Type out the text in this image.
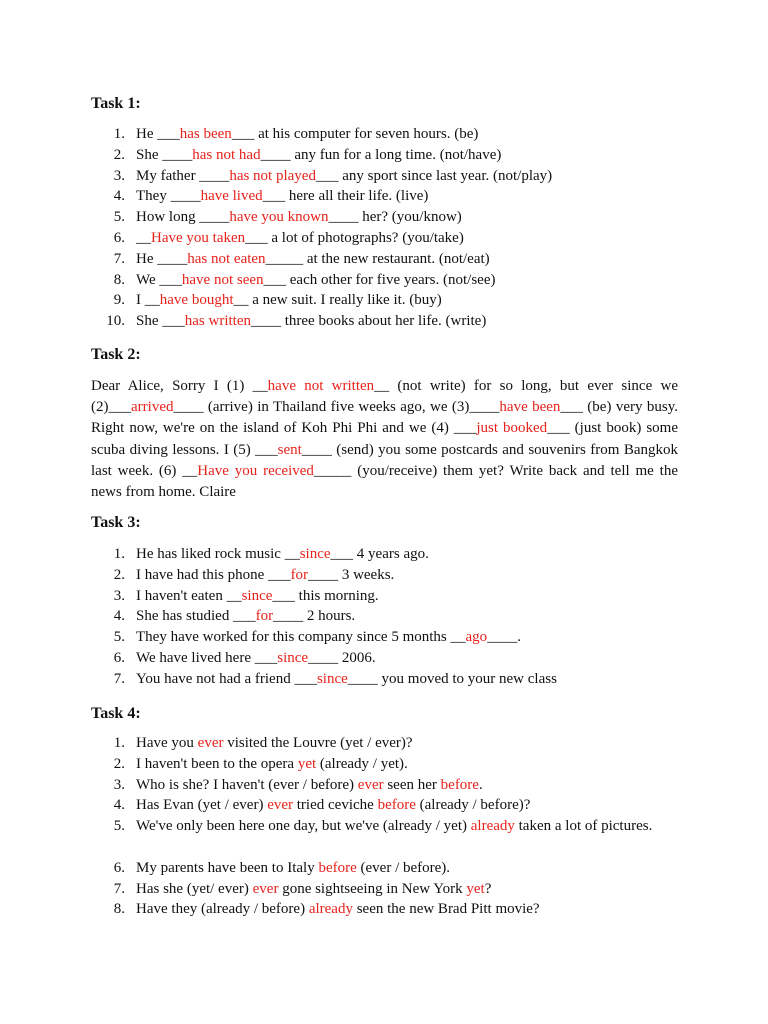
Task 1:
1. He ___has been___ at his computer for seven hours. (be)
2. She ____has not had____ any fun for a long time. (not/have)
3. My father ____has not played___ any sport since last year. (not/play)
4. They ____have lived___ here all their life. (live)
5. How long ____have you known____ her? (you/know)
6. __Have you taken___ a lot of photographs? (you/take)
7. He ____has not eaten_____ at the new restaurant. (not/eat)
8. We ___have not seen___ each other for five years. (not/see)
9. I __have bought__ a new suit. I really like it. (buy)
10. She ___has written____ three books about her life. (write)
Task 2:

Dear Alice, Sorry I (1) __have not written__ (not write) for so long, but ever since we (2)___arrived____ (arrive) in Thailand five weeks ago, we (3)____have been___ (be) very busy. Right now, we're on the island of Koh Phi Phi and we (4) ___just booked___ (just book) some scuba diving lessons. I (5) ___sent____ (send) you some postcards and souvenirs from Bangkok last week. (6) __Have you received_____ (you/receive) them yet? Write back and tell me the news from home. Claire

Task 3:
1. He has liked rock music __since___ 4 years ago.
2. I have had this phone ___for____ 3 weeks.
3. I haven't eaten __since___ this morning.
4. She has studied ___for____ 2 hours.
5. They have worked for this company since 5 months __ago____.
6. We have lived here ___since____ 2006.
7. You have not had a friend ___since____ you moved to your new class
Task 4:
1. Have you ever visited the Louvre (yet / ever)?
2. I haven't been to the opera yet (already / yet).
3. Who is she? I haven't (ever / before) ever seen her before.
4. Has Evan (yet / ever) ever tried ceviche before (already / before)?
5. We've only been here one day, but we've (already / yet) already taken a lot of pictures.
6. My parents have been to Italy before (ever / before).
7. Has she (yet/ ever) ever gone sightseeing in New York yet?
8. Have they (already / before) already seen the new Brad Pitt movie?
